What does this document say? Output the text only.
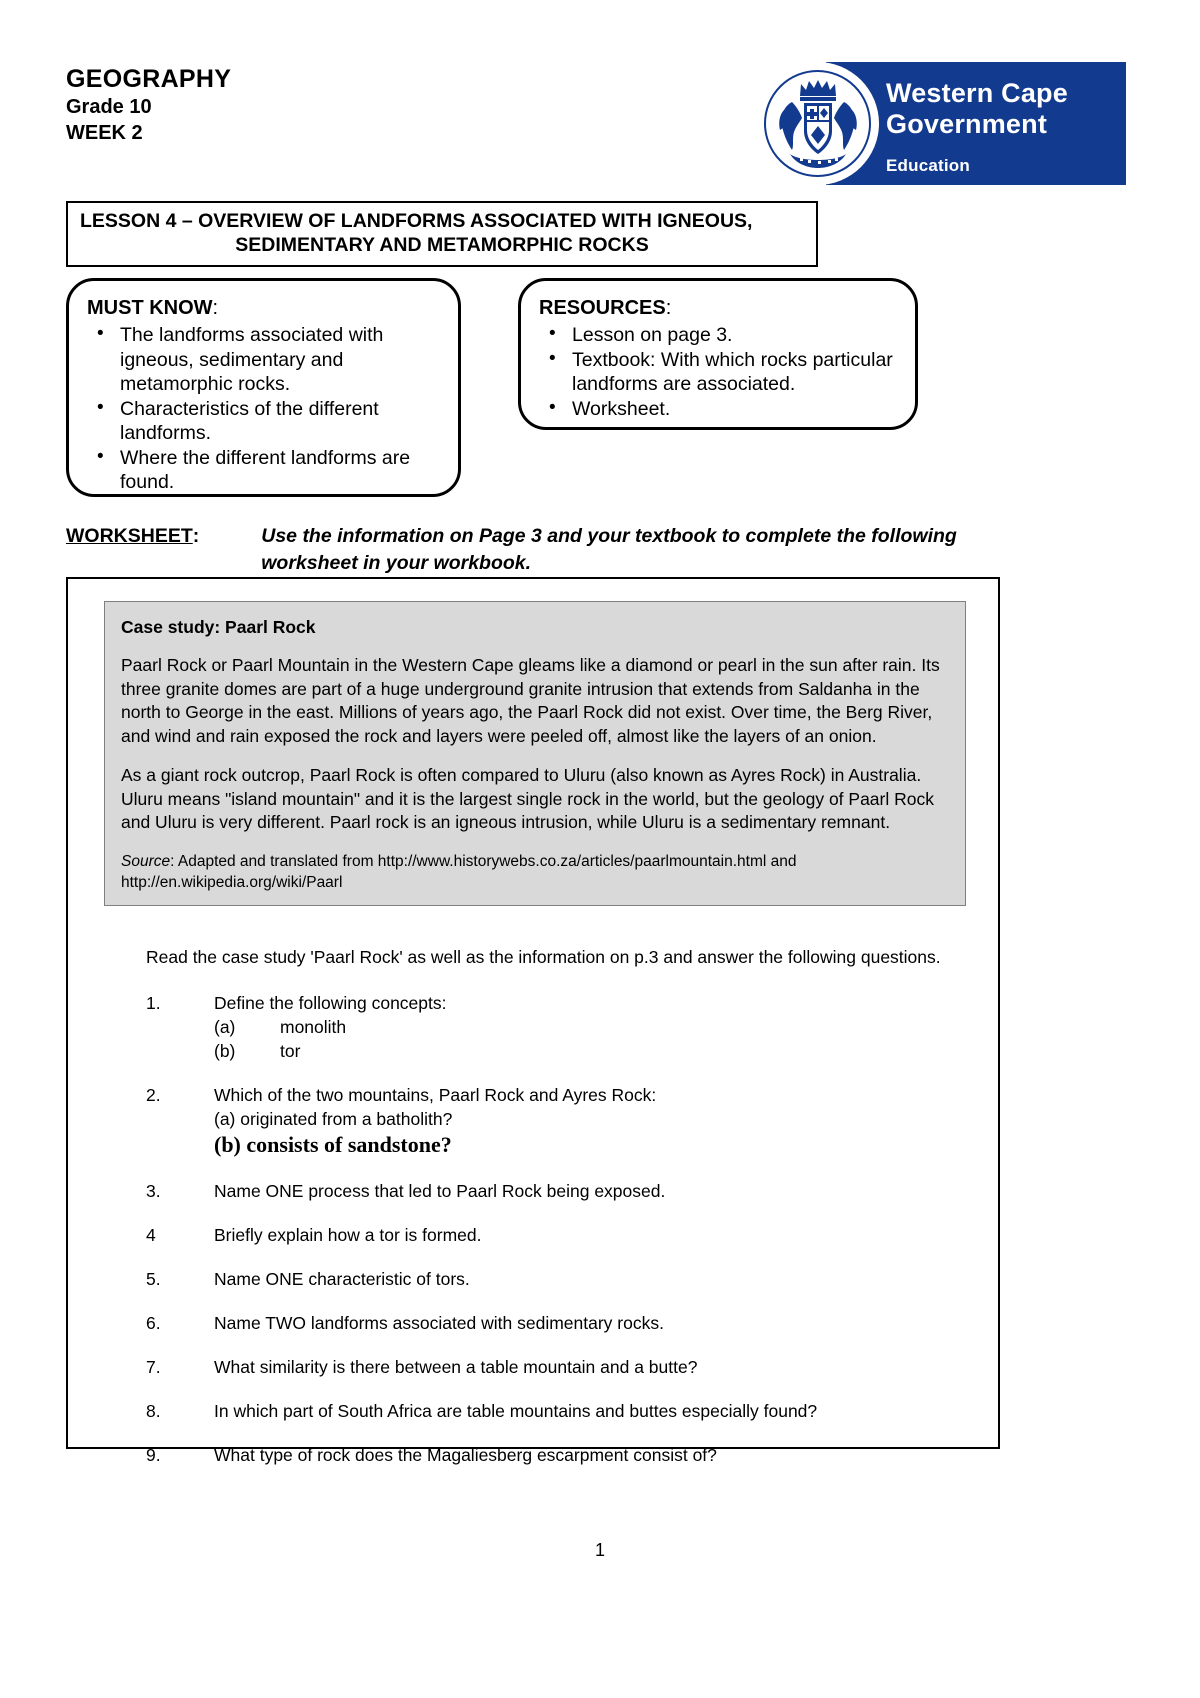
GEOGRAPHY
Grade 10
WEEK 2
Western Cape
Government
Education
LESSON 4 – OVERVIEW OF LANDFORMS ASSOCIATED WITH IGNEOUS,
SEDIMENTARY AND METAMORPHIC ROCKS
MUST KNOW:
• The landforms associated with igneous, sedimentary and metamorphic rocks.
• Characteristics of the different landforms.
• Where the different landforms are found.
RESOURCES:
• Lesson on page 3.
• Textbook: With which rocks particular landforms are associated.
• Worksheet.
WORKSHEET :	Use the information on Page 3 and your textbook to complete the following worksheet in your workbook.
Case study: Paarl Rock

Paarl Rock or Paarl Mountain in the Western Cape gleams like a diamond or pearl in the sun after rain. Its three granite domes are part of a huge underground granite intrusion that extends from Saldanha in the north to George in the east. Millions of years ago, the Paarl Rock did not exist. Over time, the Berg River, and wind and rain exposed the rock and layers were peeled off, almost like the layers of an onion.

As a giant rock outcrop, Paarl Rock is often compared to Uluru (also known as Ayres Rock) in Australia. Uluru means "island mountain" and it is the largest single rock in the world, but the geology of Paarl Rock and Uluru is very different. Paarl rock is an igneous intrusion, while Uluru is a sedimentary remnant.

Source: Adapted and translated from http://www.historywebs.co.za/articles/paarlmountain.html and http://en.wikipedia.org/wiki/Paarl

Read the case study 'Paarl Rock' as well as the information on p.3 and answer the following questions.

1.	Define the following concepts:
(a)	monolith
(b)	tor
2.	Which of the two mountains, Paarl Rock and Ayres Rock:
(a) originated from a batholith?
(b) consists of sandstone?
3.	Name ONE process that led to Paarl Rock being exposed.
4	Briefly explain how a tor is formed.
5.	Name ONE characteristic of tors.
6.	Name TWO landforms associated with sedimentary rocks.
7.	What similarity is there between a table mountain and a butte?
8.	In which part of South Africa are table mountains and buttes especially found?
9.	What type of rock does the Magaliesberg escarpment consist of?
1
